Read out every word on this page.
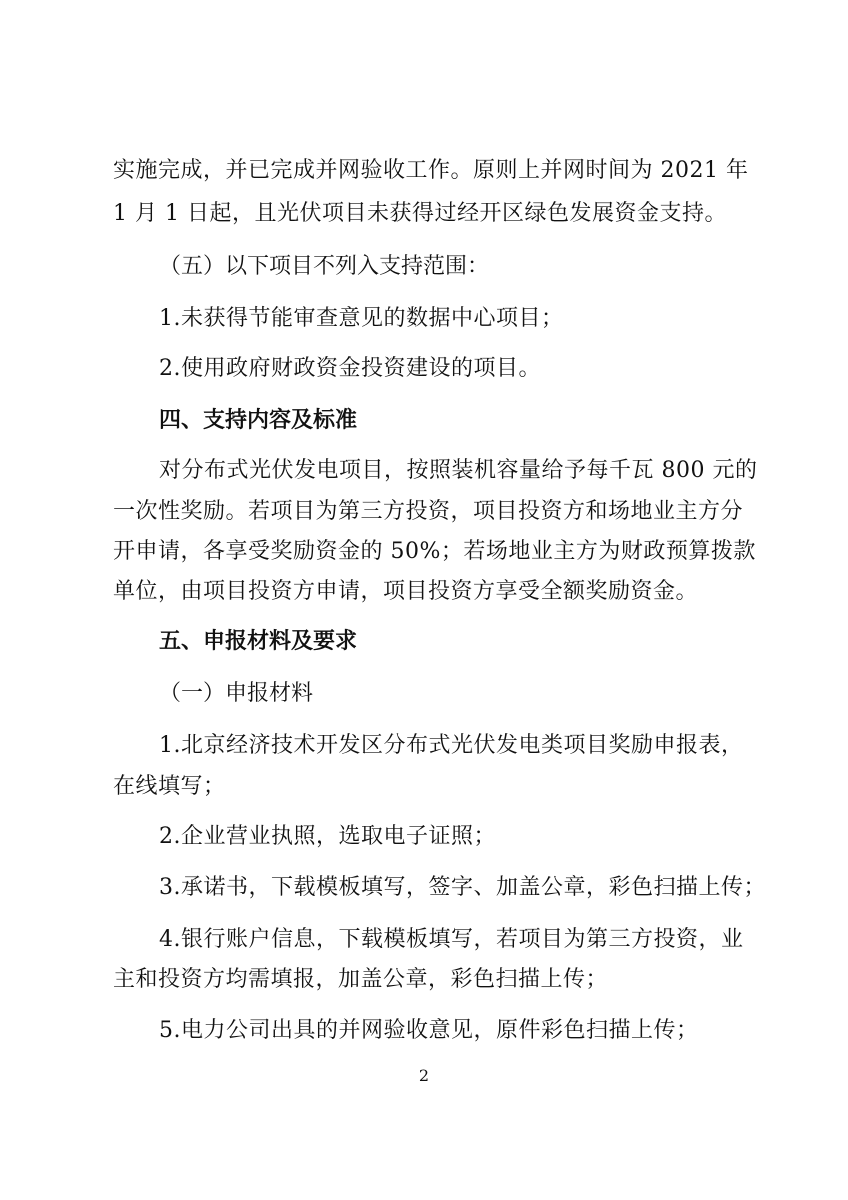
实施完成，并已完成并网验收工作。原则上并网时间为 2021 年
1 月 1 日起，且光伏项目未获得过经开区绿色发展资金支持。
（五）以下项目不列入支持范围：
1.未获得节能审查意见的数据中心项目；
2.使用政府财政资金投资建设的项目。
四、支持内容及标准
对分布式光伏发电项目，按照装机容量给予每千瓦 800 元的
一次性奖励。若项目为第三方投资，项目投资方和场地业主方分
开申请，各享受奖励资金的 50%；若场地业主方为财政预算拨款
单位，由项目投资方申请，项目投资方享受全额奖励资金。
五、申报材料及要求
（一）申报材料
1.北京经济技术开发区分布式光伏发电类项目奖励申报表，
在线填写；
2.企业营业执照，选取电子证照；
3.承诺书，下载模板填写，签字、加盖公章，彩色扫描上传；
4.银行账户信息，下载模板填写，若项目为第三方投资，业
主和投资方均需填报，加盖公章，彩色扫描上传；
5.电力公司出具的并网验收意见，原件彩色扫描上传；
2
